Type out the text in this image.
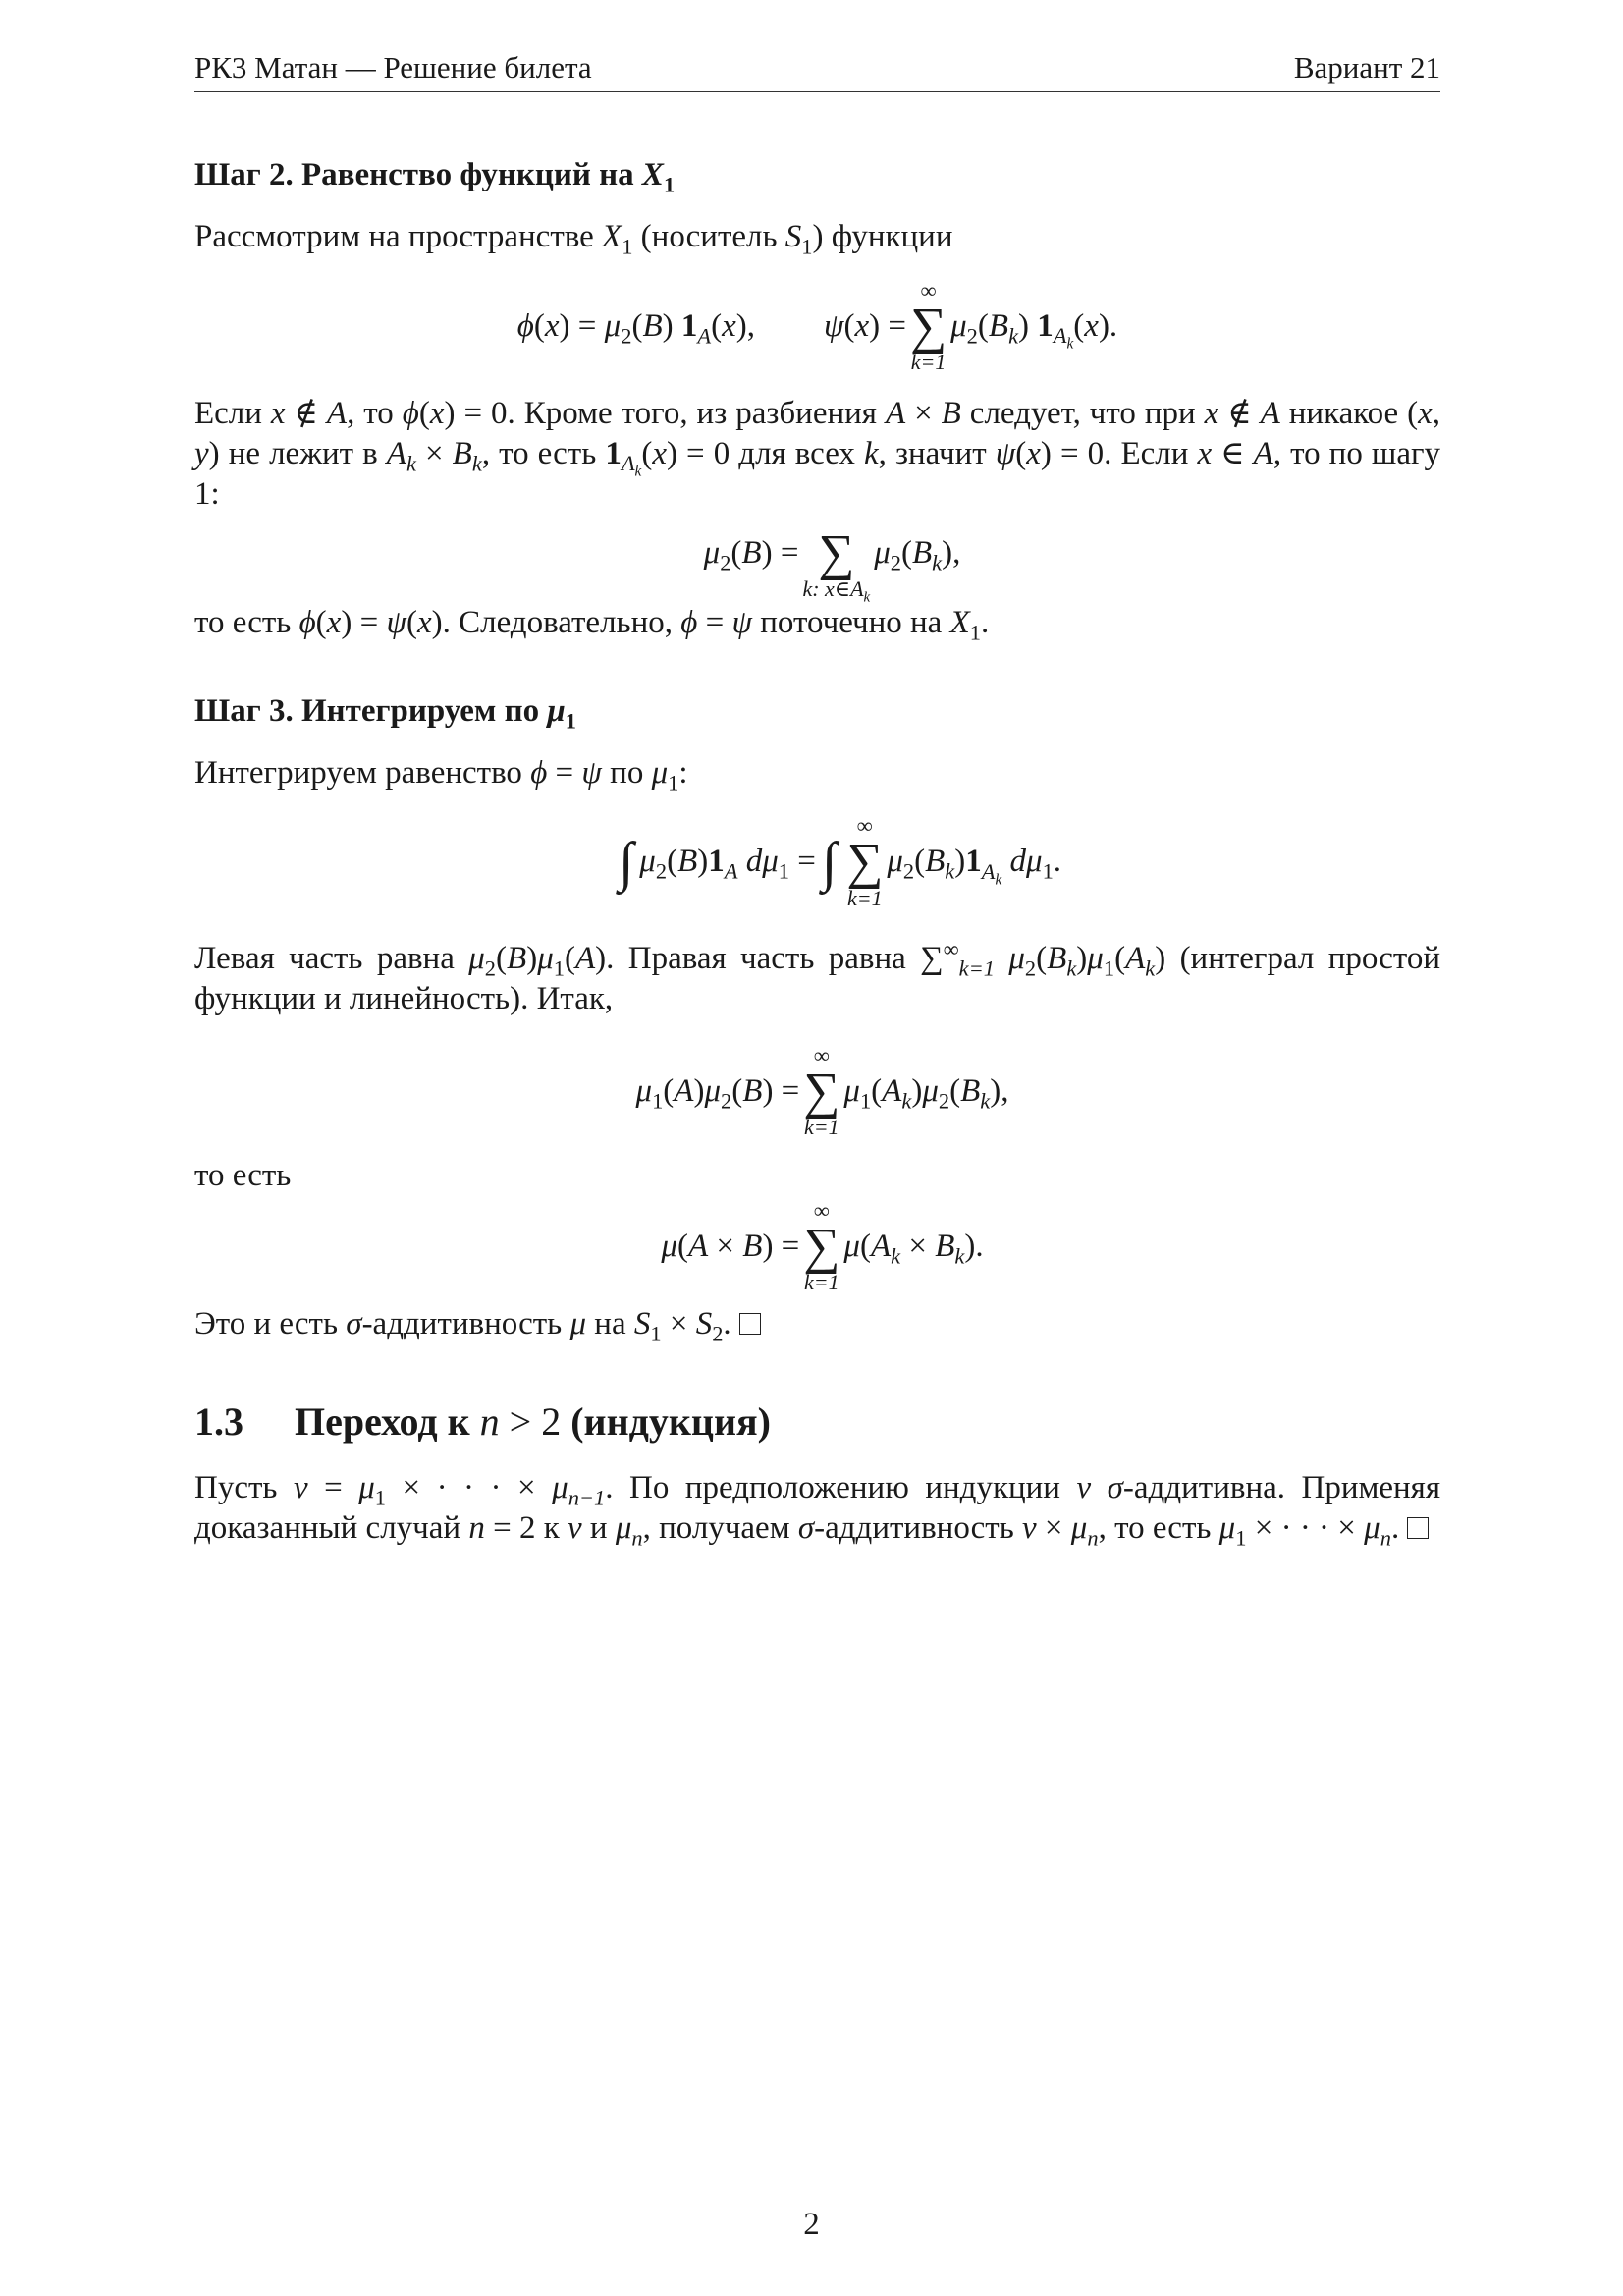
РК3 Матан — Решение билета	Вариант 21
Шаг 2. Равенство функций на $X_1$

Рассмотрим на пространстве $X_1$ (носитель $S_1$) функции

$\phi(x) = \mu_2(B)$ $1_A(x)$, ψ(x) =
∞
∑
k=1
$\mu_2(B_k)$ $1_{A_k}(x)$.

Если x ∉ A, то ϕ(x) = 0. Кроме того, из разбиения A × B следует, что при x ∉ A никакое (x, y) не лежит в $A_k \times B_k$, то есть $1_{A_k}(x) = 0$ для всех k, значит ψ(x) = 0. Если x ∈ A, то по шагу 1:

$\mu_2(B)$ =
∑
k: $x\in A_k$
$\mu_2(B_k)$,

то есть ϕ(x) = ψ(x). Следовательно, ϕ = ψ поточечно на $X_1$.

Шаг 3. Интегрируем по $\mu_1$

Интегрируем равенство ϕ = ψ по $\mu_1$:

∫ $\mu_2(B)1_A$ $d\mu_1$ = ∫
∞
∑
k=1
$\mu_2(B_k)1_{A_k}$ $d\mu_1$.

Левая часть равна $\mu_2(B)\mu_1(A)$. Правая часть равна $\sum^\infty_{k=1}$ $\mu_2(B_k)\mu_1(A_k)$ (интеграл простой функции и линейность). Итак,

$\mu_1(A)\mu_2(B)$ =
∞
∑
k=1
$\mu_1(A_k)\mu_2(B_k)$,

то есть

μ(A × B) =
∞
∑
k=1
$\mu(A_k \times B_k)$.

Это и есть σ-аддитивность μ на $S_1 \times S_2$.

1.3	Переход к n > 2 (индукция)

Пусть $\nu = \mu_1$ × · · · × $\mu_{n-1}$. По предположению индукции ν σ-аддитивна. Применяя доказанный случай n = 2 к ν и $\mu_n$, получаем σ-аддитивность $\nu \times \mu_n$, то есть $\mu_1$ × · · · × $\mu_n$.

2
